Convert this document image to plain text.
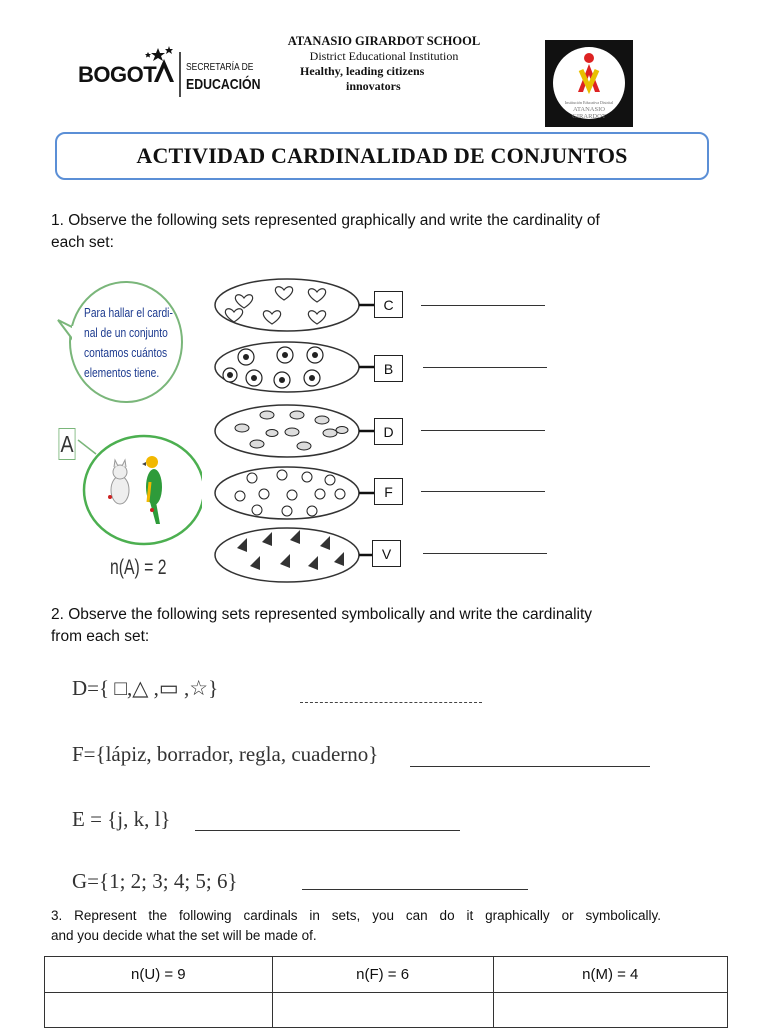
BOGOT	SECRETARÍA DE
EDUCACIÓN
ATANASIO GIRARDOT SCHOOL
District Educational Institution
Healthy, leading citizens
innovators
Institución Educativa Distrital
ATANASIO
GIRARDOT
ACTIVIDAD CARDINALIDAD DE CONJUNTOS
1. Observe the following sets represented graphically and write the cardinality of
each set:
Para hallar el cardi-
nal de un conjunto
contamos cuántos
elementos tiene.
A
n(A) = 2
C
B
D
F
V
2. Observe the following sets represented symbolically and write the cardinality
from each set:
D={ □,△ ,▭ ,☆}
F={lápiz, borrador, regla, cuaderno}
E = {j, k, l}
G={1; 2; 3; 4; 5; 6}
3. Represent the following cardinals in sets, you can do it graphically or symbolically.
and you decide what the set will be made of.
n(U) = 9	n(F) = 6	n(M) = 4
